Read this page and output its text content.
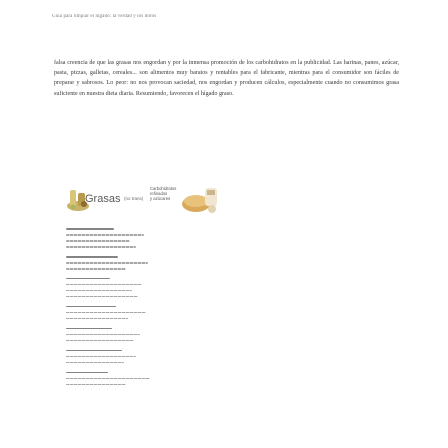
Guía para limpiar el hígado: la verdad y los mitos
falsa creencia de que las grasas nos engordan y por la inmensa promoción de los carbohidratos en la publicidad. Las harinas, panes, azúcar, pasta, pizzas, galletas, cereales... son alimentos muy baratos y rentables para el fabricante, mientras para el consumidor son fáciles de preparar y sabrosos. Lo peor: no nos provocan saciedad, nos engordan y producen cálculos, especialmente cuando no consumimos grasa suficiente en nuestra dieta diaria. Resumiendo, favorecen el hígado graso.
Grasas (no trans)
Carbohidratos
refinados
y azúcares
